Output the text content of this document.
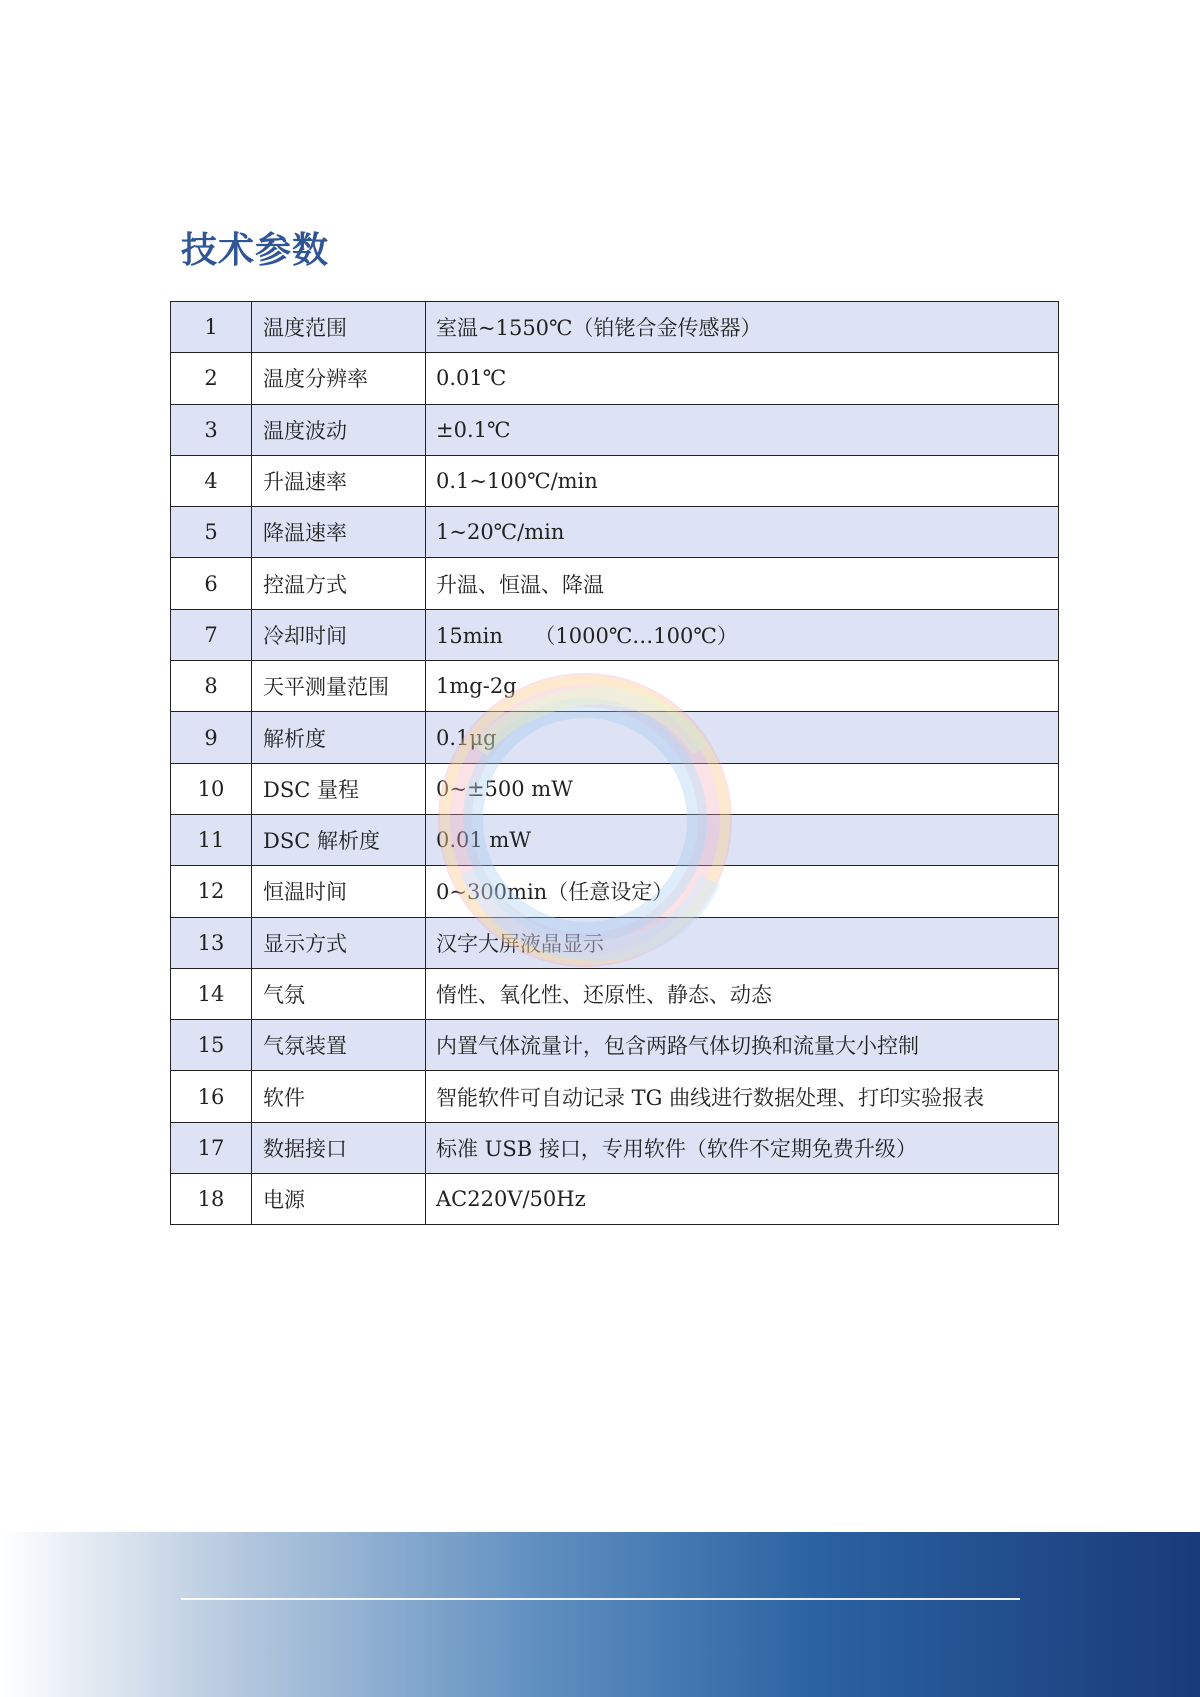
技术参数
1	温度范围	室温~1550℃（铂铑合金传感器）
2	温度分辨率	0.01℃
3	温度波动	±0.1℃
4	升温速率	0.1~100℃/min
5	降温速率	1~20℃/min
6	控温方式	升温、恒温、降温
7	冷却时间	15min　　（1000℃…100℃）
8	天平测量范围	1mg-2g
9	解析度	0.1μg
10	DSC 量程	0~±500 mW
11	DSC 解析度	0.01 mW
12	恒温时间	0~300min（任意设定）
13	显示方式	汉字大屏液晶显示
14	气氛	惰性、氧化性、还原性、静态、动态
15	气氛装置	内置气体流量计，包含两路气体切换和流量大小控制
16	软件	智能软件可自动记录 TG 曲线进行数据处理、打印实验报表
17	数据接口	标准 USB 接口，专用软件（软件不定期免费升级）
18	电源	AC220V/50Hz
